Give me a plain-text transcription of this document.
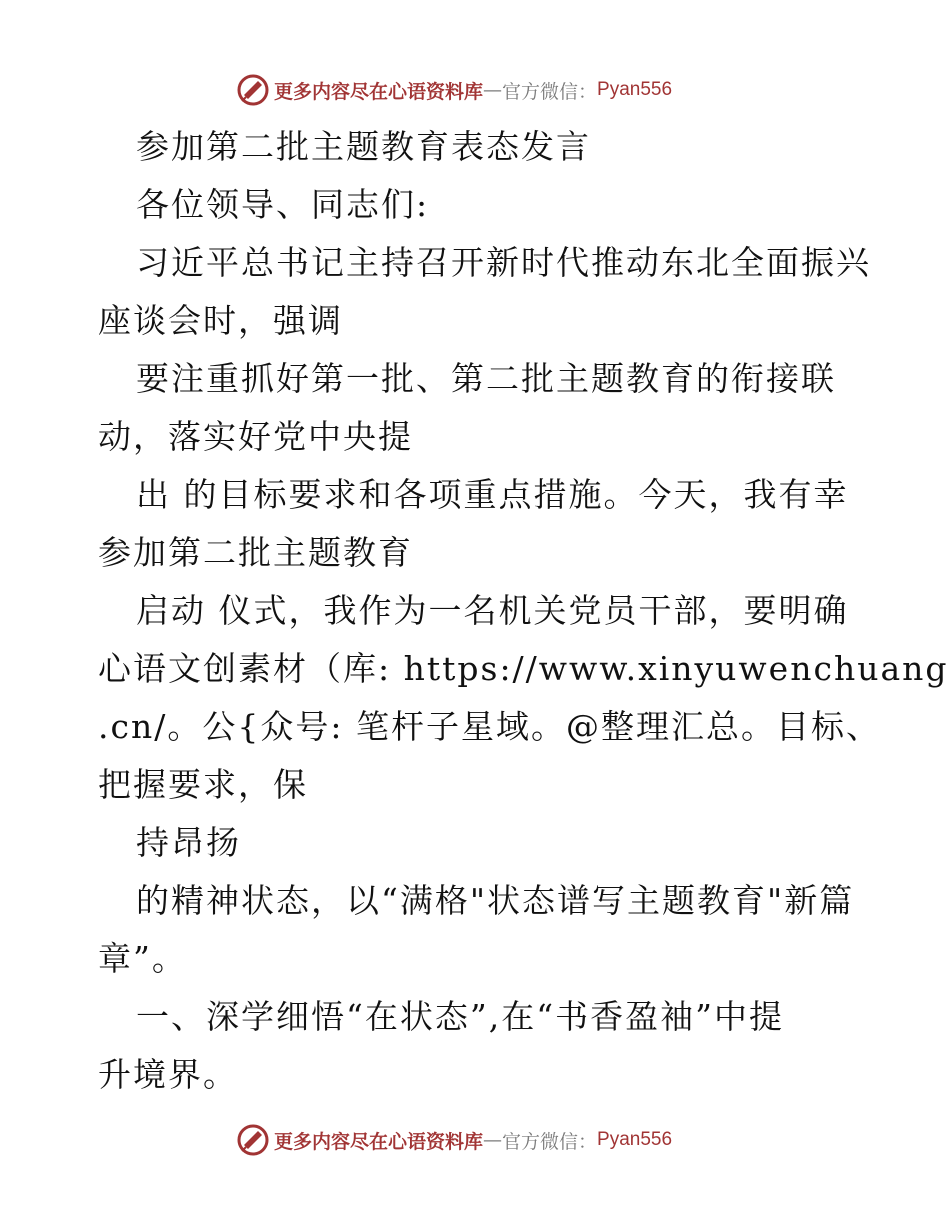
更多内容尽在心语资料库 — 官方微信： Pyan556
参加第二批主题教育表态发言
各位领导、同志们:
习近平总书记主持召开新时代推动东北全面振兴
座谈会时，强调
要注重抓好第一批、第二批主题教育的衔接联
动，落实好党中央提
出 的目标要求和各项重点措施。今天，我有幸
参加第二批主题教育
启动 仪式，我作为一名机关党员干部，要明确
心语文创素材（库: https://www.xinyuwenchuang
.cn/。公{众号: 笔杆子星域。@整理汇总。目标、
把握要求，保
持昂扬
的精神状态，以“满格"状态谱写主题教育"新篇
章”。
一、深学细悟“在状态”,在“书香盈袖”中提
升境界。
更多内容尽在心语资料库 — 官方微信： Pyan556
